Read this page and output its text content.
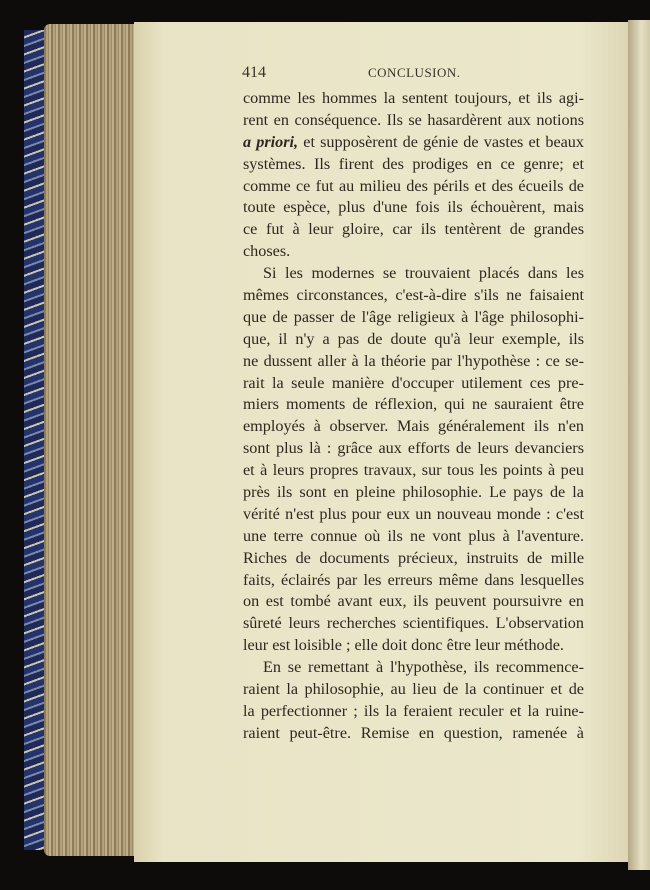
414	CONCLUSION.
comme les hommes la sentent toujours, et ils agi-
rent en conséquence. Ils se hasardèrent aux notions
a priori, et supposèrent de génie de vastes et beaux
systèmes. Ils firent des prodiges en ce genre; et
comme ce fut au milieu des périls et des écueils de
toute espèce, plus d'une fois ils échouèrent, mais
ce fut à leur gloire, car ils tentèrent de grandes
choses.
Si les modernes se trouvaient placés dans les
mêmes circonstances, c'est-à-dire s'ils ne faisaient
que de passer de l'âge religieux à l'âge philosophi-
que, il n'y a pas de doute qu'à leur exemple, ils
ne dussent aller à la théorie par l'hypothèse : ce se-
rait la seule manière d'occuper utilement ces pre-
miers moments de réflexion, qui ne sauraient être
employés à observer. Mais généralement ils n'en
sont plus là : grâce aux efforts de leurs devanciers
et à leurs propres travaux, sur tous les points à peu
près ils sont en pleine philosophie. Le pays de la
vérité n'est plus pour eux un nouveau monde : c'est
une terre connue où ils ne vont plus à l'aventure.
Riches de documents précieux, instruits de mille
faits, éclairés par les erreurs même dans lesquelles
on est tombé avant eux, ils peuvent poursuivre en
sûreté leurs recherches scientifiques. L'observation
leur est loisible ; elle doit donc être leur méthode.
En se remettant à l'hypothèse, ils recommence-
raient la philosophie, au lieu de la continuer et de
la perfectionner ; ils la feraient reculer et la ruine-
raient peut-être. Remise en question, ramenée à
